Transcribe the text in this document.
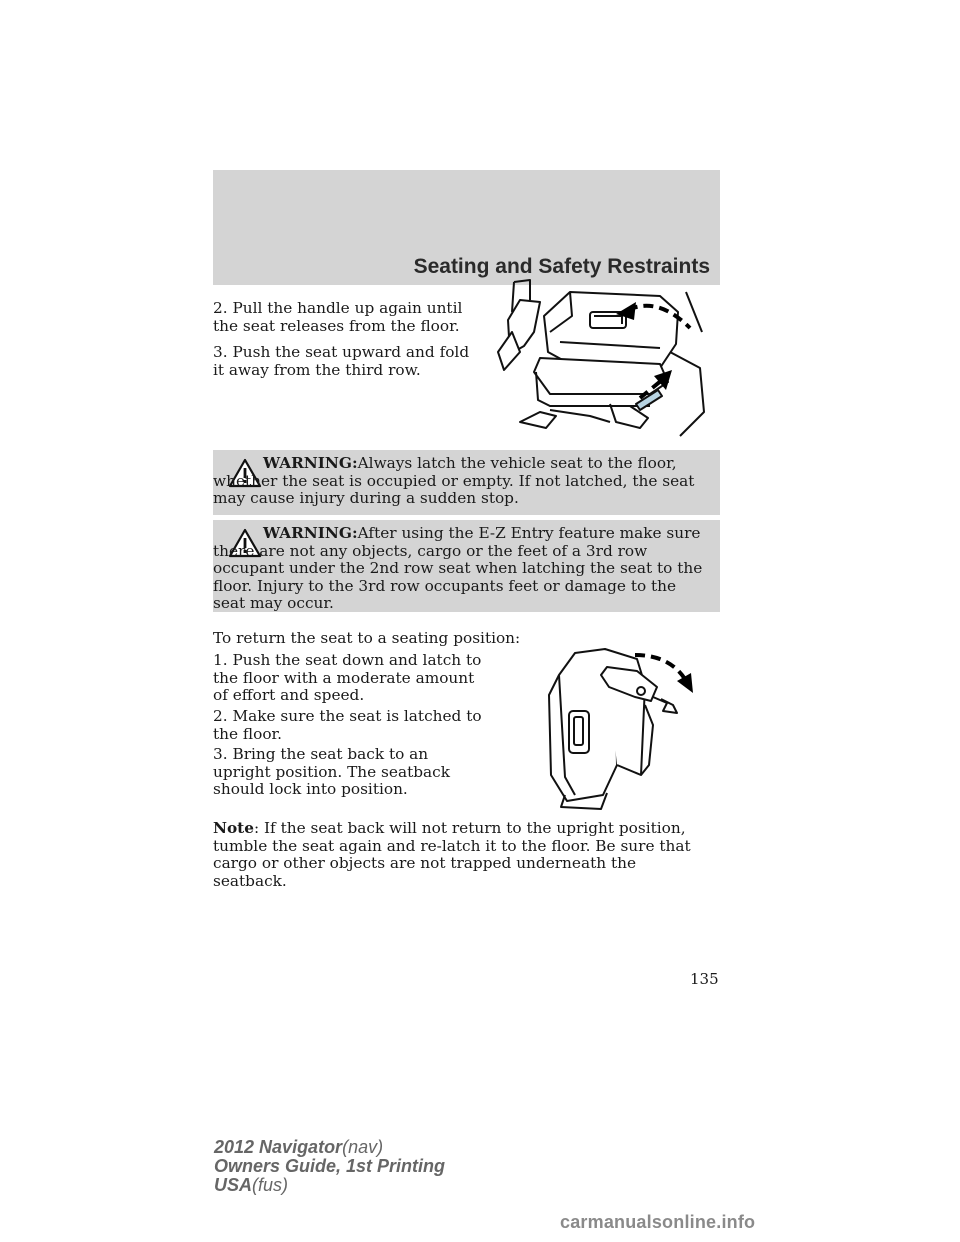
Seating and Safety Restraints

2. Pull the handle up again until the seat releases from the floor.

3. Push the seat upward and fold it away from the third row.

WARNING:Always latch the vehicle seat to the floor, whether the seat is occupied or empty. If not latched, the seat may cause injury during a sudden stop.

WARNING:After using the E-Z Entry feature make sure there are not any objects, cargo or the feet of a 3rd row occupant under the 2nd row seat when latching the seat to the floor. Injury to the 3rd row occupants feet or damage to the seat may occur.

To return the seat to a seating position:

1. Push the seat down and latch to the floor with a moderate amount of effort and speed.

2. Make sure the seat is latched to the floor.

3. Bring the seat back to an upright position. The seatback should lock into position.

Note: If the seat back will not return to the upright position, tumble the seat again and re-latch it to the floor. Be sure that cargo or other objects are not trapped underneath the seatback.

135
2012 Navigator(nav)
Owners Guide, 1st Printing
USA(fus)
carmanualsonline.info
